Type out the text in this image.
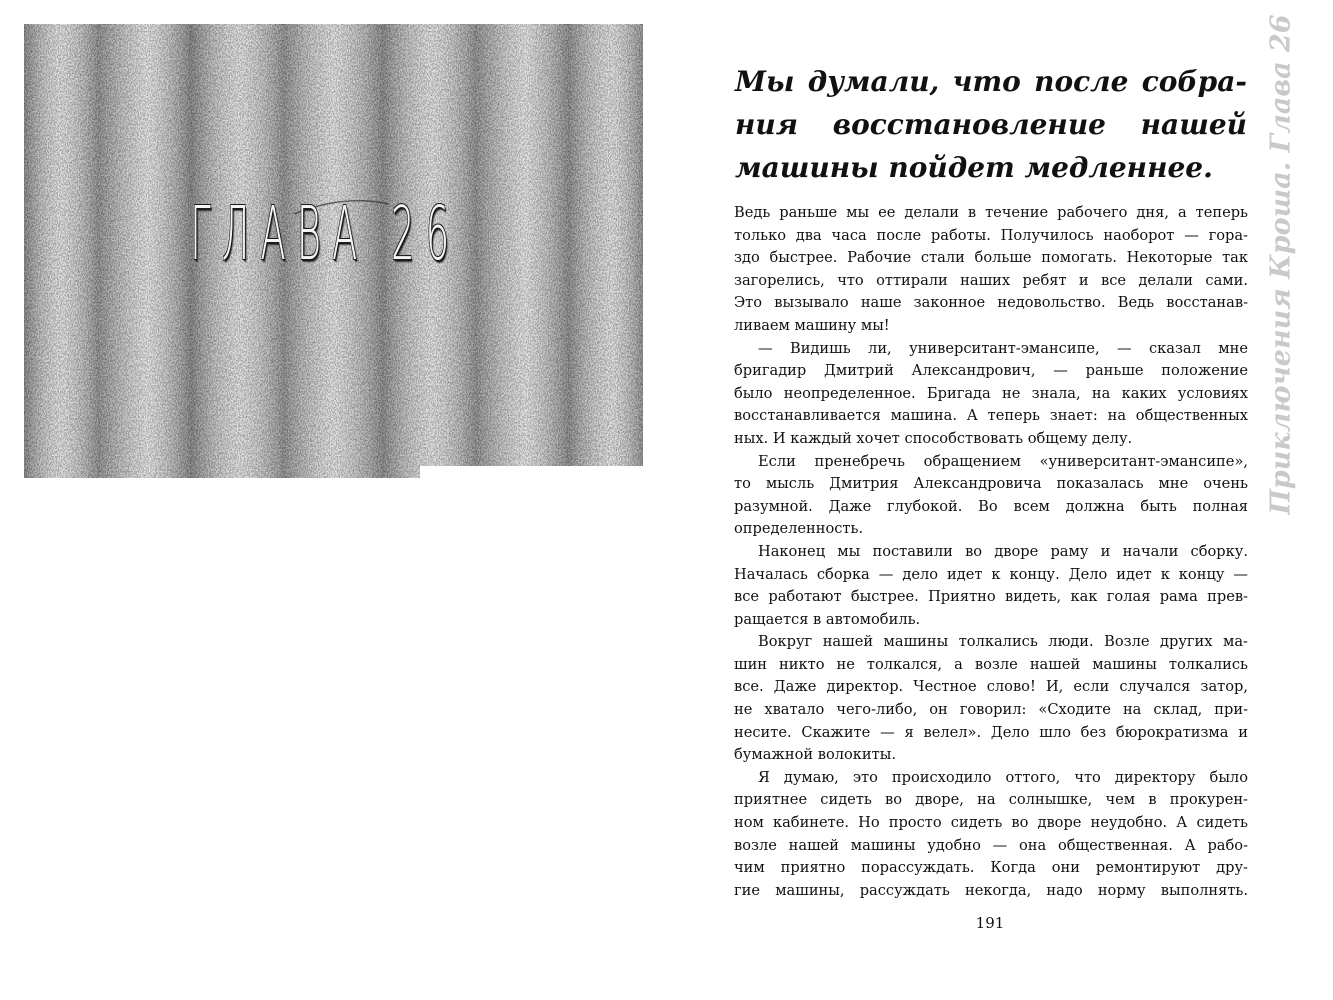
ГЛАВА 26	Приключения Кроша. Глава 26
Мы думали, что после собра-
ния восстановление нашей
машины пойдет медленнее.
Ведь раньше мы ее делали в течение рабочего дня, а теперь
только два часа после работы. Получилось наоборот — гора-
здо быстрее. Рабочие стали больше помогать. Некоторые так
загорелись, что оттирали наших ребят и все делали сами.
Это вызывало наше законное недовольство. Ведь восстанав-
ливаем машину мы!
— Видишь ли, университант-эмансипе, — сказал мне
бригадир Дмитрий Александрович, — раньше положение
было неопределенное. Бригада не знала, на каких условиях
восстанавливается машина. А теперь знает: на общественных
ных. И каждый хочет способствовать общему делу.
Если пренебречь обращением «университант-эмансипе»,
то мысль Дмитрия Александровича показалась мне очень
разумной. Даже глубокой. Во всем должна быть полная
определенность.
Наконец мы поставили во дворе раму и начали сборку.
Началась сборка — дело идет к концу. Дело идет к концу —
все работают быстрее. Приятно видеть, как голая рама прев-
ращается в автомобиль.
Вокруг нашей машины толкались люди. Возле других ма-
шин никто не толкался, а возле нашей машины толкались
все. Даже директор. Честное слово! И, если случался затор,
не хватало чего-либо, он говорил: «Сходите на склад, при-
несите. Скажите — я велел». Дело шло без бюрократизма и
бумажной волокиты.
Я думаю, это происходило оттого, что директору было
приятнее сидеть во дворе, на солнышке, чем в прокурен-
ном кабинете. Но просто сидеть во дворе неудобно. А сидеть
возле нашей машины удобно — она общественная. А рабо-
чим приятно порассуждать. Когда они ремонтируют дру-
гие машины, рассуждать некогда, надо норму выполнять.
191
